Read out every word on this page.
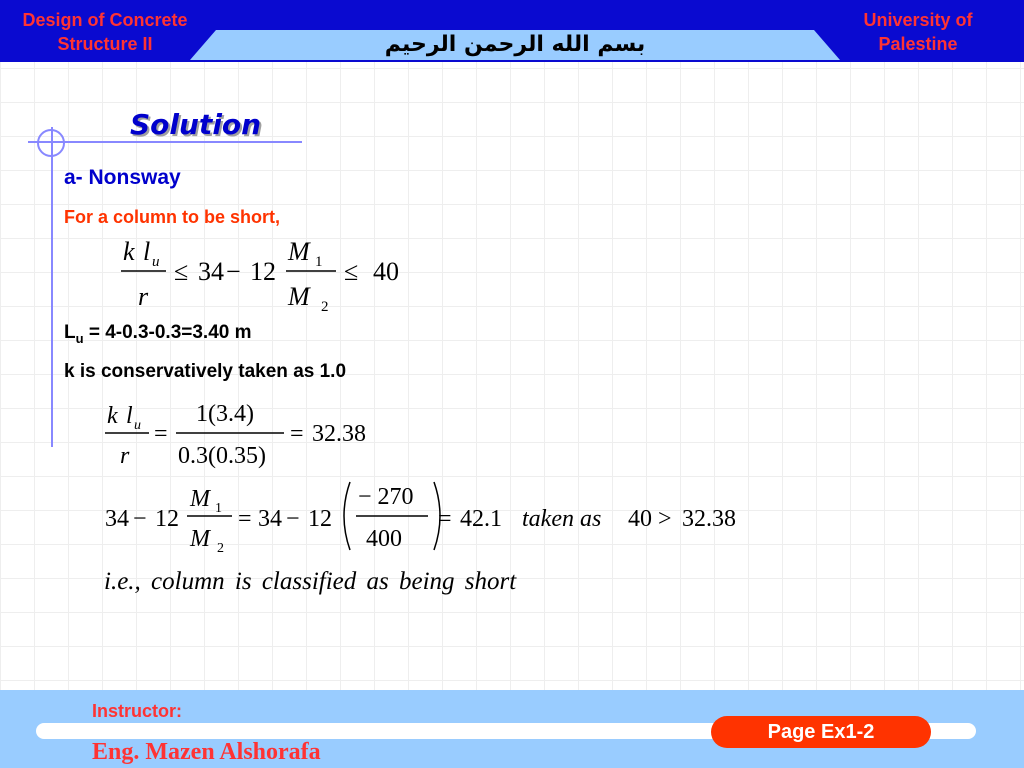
Design of Concrete Structure II
University of Palestine
بسم الله الرحمن الرحيم
Solution
a- Nonsway
For a column to be short,
k l u
r
≤ 34 − 12
M 1
M 2
≤ 40
$L_u = 4-0.3-0.3=3.40$ m
k is conservatively taken as 1.0
k l u
r
=
1(3.4)
0.3(0.35)
= 32.38
34 − 12
M 1
M 2
= 34 − 12
− 270
400
= 42.1 taken as 40 > 32.38
i.e., column is classified as being short
Instructor:
Eng. Mazen Alshorafa
Page Ex1-2
